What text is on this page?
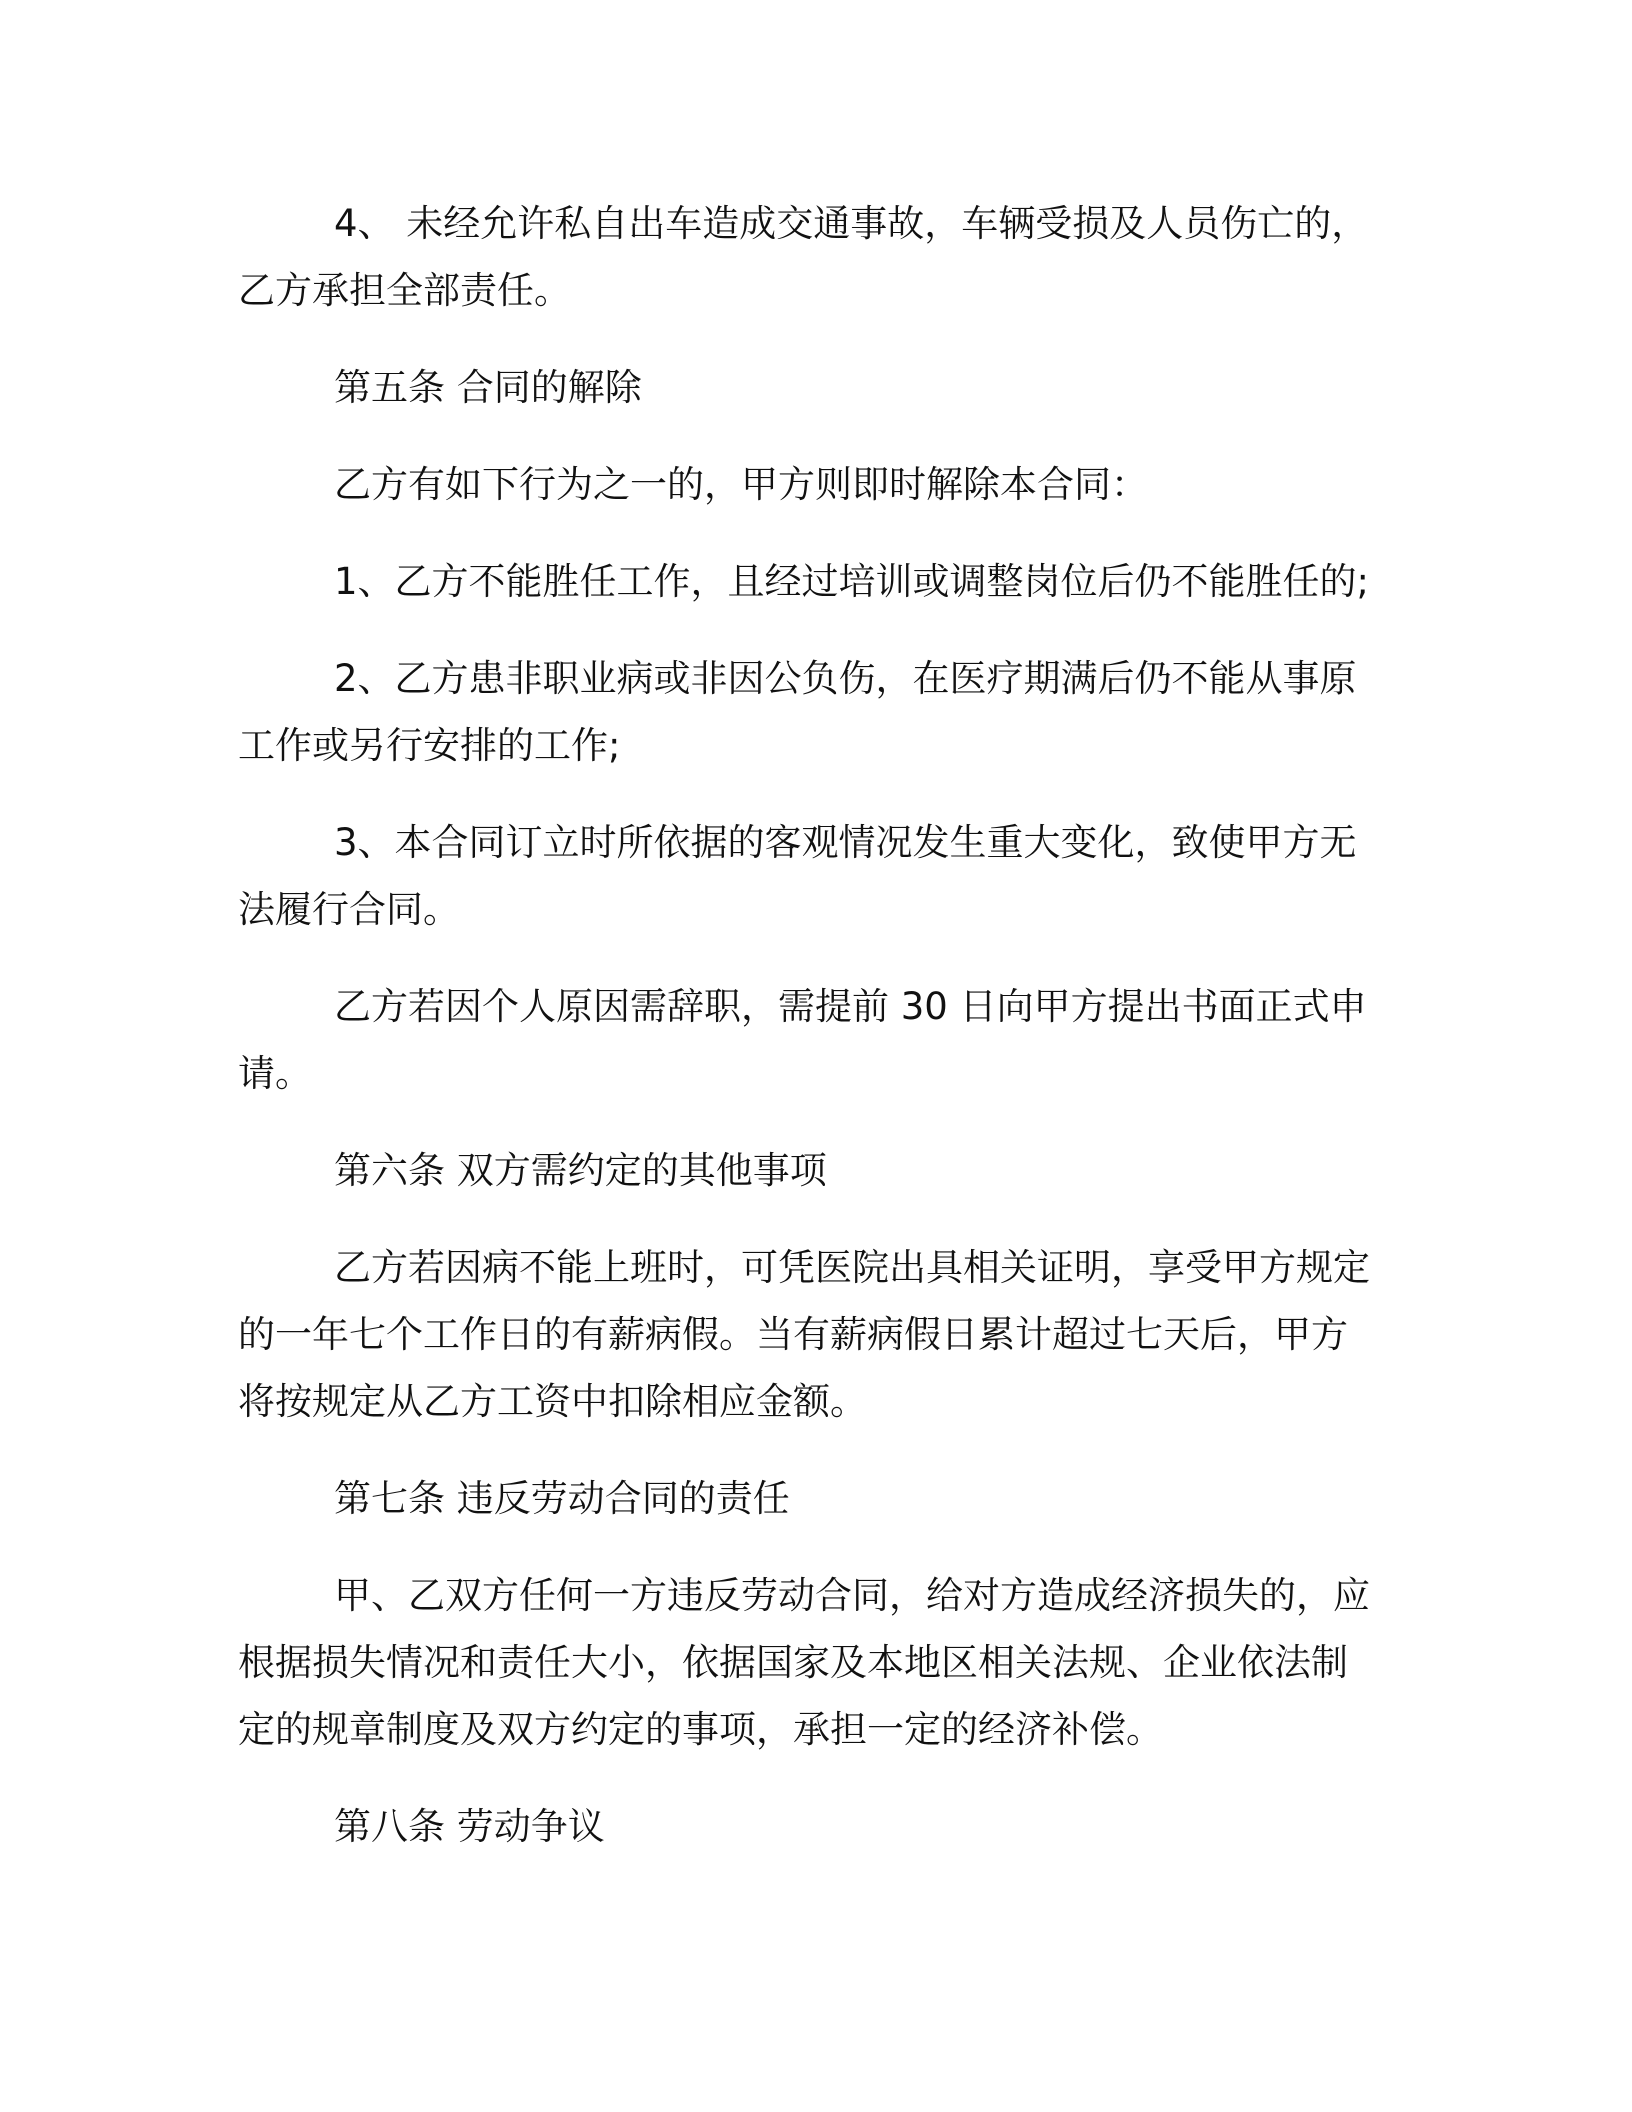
4、 未经允许私自出车造成交通事故，车辆受损及人员伤亡的，乙方承担全部责任。

第五条 合同的解除

乙方有如下行为之一的，甲方则即时解除本合同：

1、乙方不能胜任工作，且经过培训或调整岗位后仍不能胜任的;

2、乙方患非职业病或非因公负伤，在医疗期满后仍不能从事原工作或另行安排的工作;

3、本合同订立时所依据的客观情况发生重大变化，致使甲方无法履行合同。

乙方若因个人原因需辞职，需提前 30 日向甲方提出书面正式申请。

第六条 双方需约定的其他事项

乙方若因病不能上班时，可凭医院出具相关证明，享受甲方规定的一年七个工作日的有薪病假。当有薪病假日累计超过七天后，甲方将按规定从乙方工资中扣除相应金额。

第七条 违反劳动合同的责任

甲、乙双方任何一方违反劳动合同，给对方造成经济损失的，应根据损失情况和责任大小，依据国家及本地区相关法规、企业依法制定的规章制度及双方约定的事项，承担一定的经济补偿。

第八条 劳动争议
